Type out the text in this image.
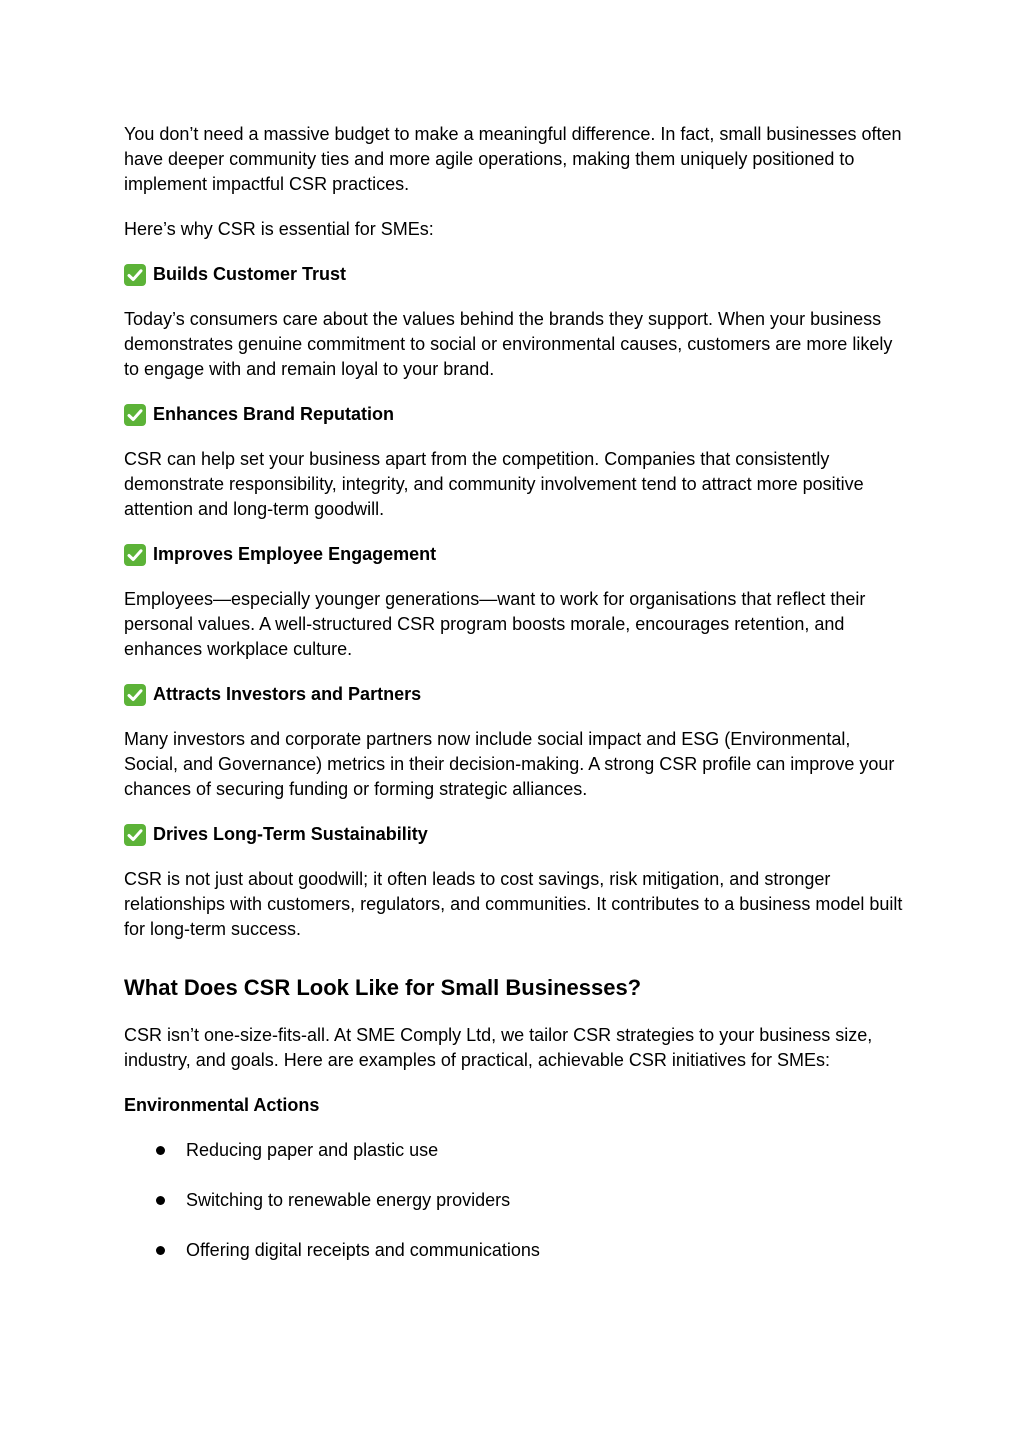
You don’t need a massive budget to make a meaningful difference. In fact, small businesses often have deeper community ties and more agile operations, making them uniquely positioned to implement impactful CSR practices.

Here’s why CSR is essential for SMEs:

Builds Customer Trust

Today’s consumers care about the values behind the brands they support. When your business demonstrates genuine commitment to social or environmental causes, customers are more likely to engage with and remain loyal to your brand.

Enhances Brand Reputation

CSR can help set your business apart from the competition. Companies that consistently demonstrate responsibility, integrity, and community involvement tend to attract more positive attention and long-term goodwill.

Improves Employee Engagement

Employees—especially younger generations—want to work for organisations that reflect their personal values. A well-structured CSR program boosts morale, encourages retention, and enhances workplace culture.

Attracts Investors and Partners

Many investors and corporate partners now include social impact and ESG (Environmental, Social, and Governance) metrics in their decision-making. A strong CSR profile can improve your chances of securing funding or forming strategic alliances.

Drives Long-Term Sustainability

CSR is not just about goodwill; it often leads to cost savings, risk mitigation, and stronger relationships with customers, regulators, and communities. It contributes to a business model built for long-term success.

What Does CSR Look Like for Small Businesses?

CSR isn’t one-size-fits-all. At SME Comply Ltd, we tailor CSR strategies to your business size, industry, and goals. Here are examples of practical, achievable CSR initiatives for SMEs:

Environmental Actions
Reducing paper and plastic use
Switching to renewable energy providers
Offering digital receipts and communications
